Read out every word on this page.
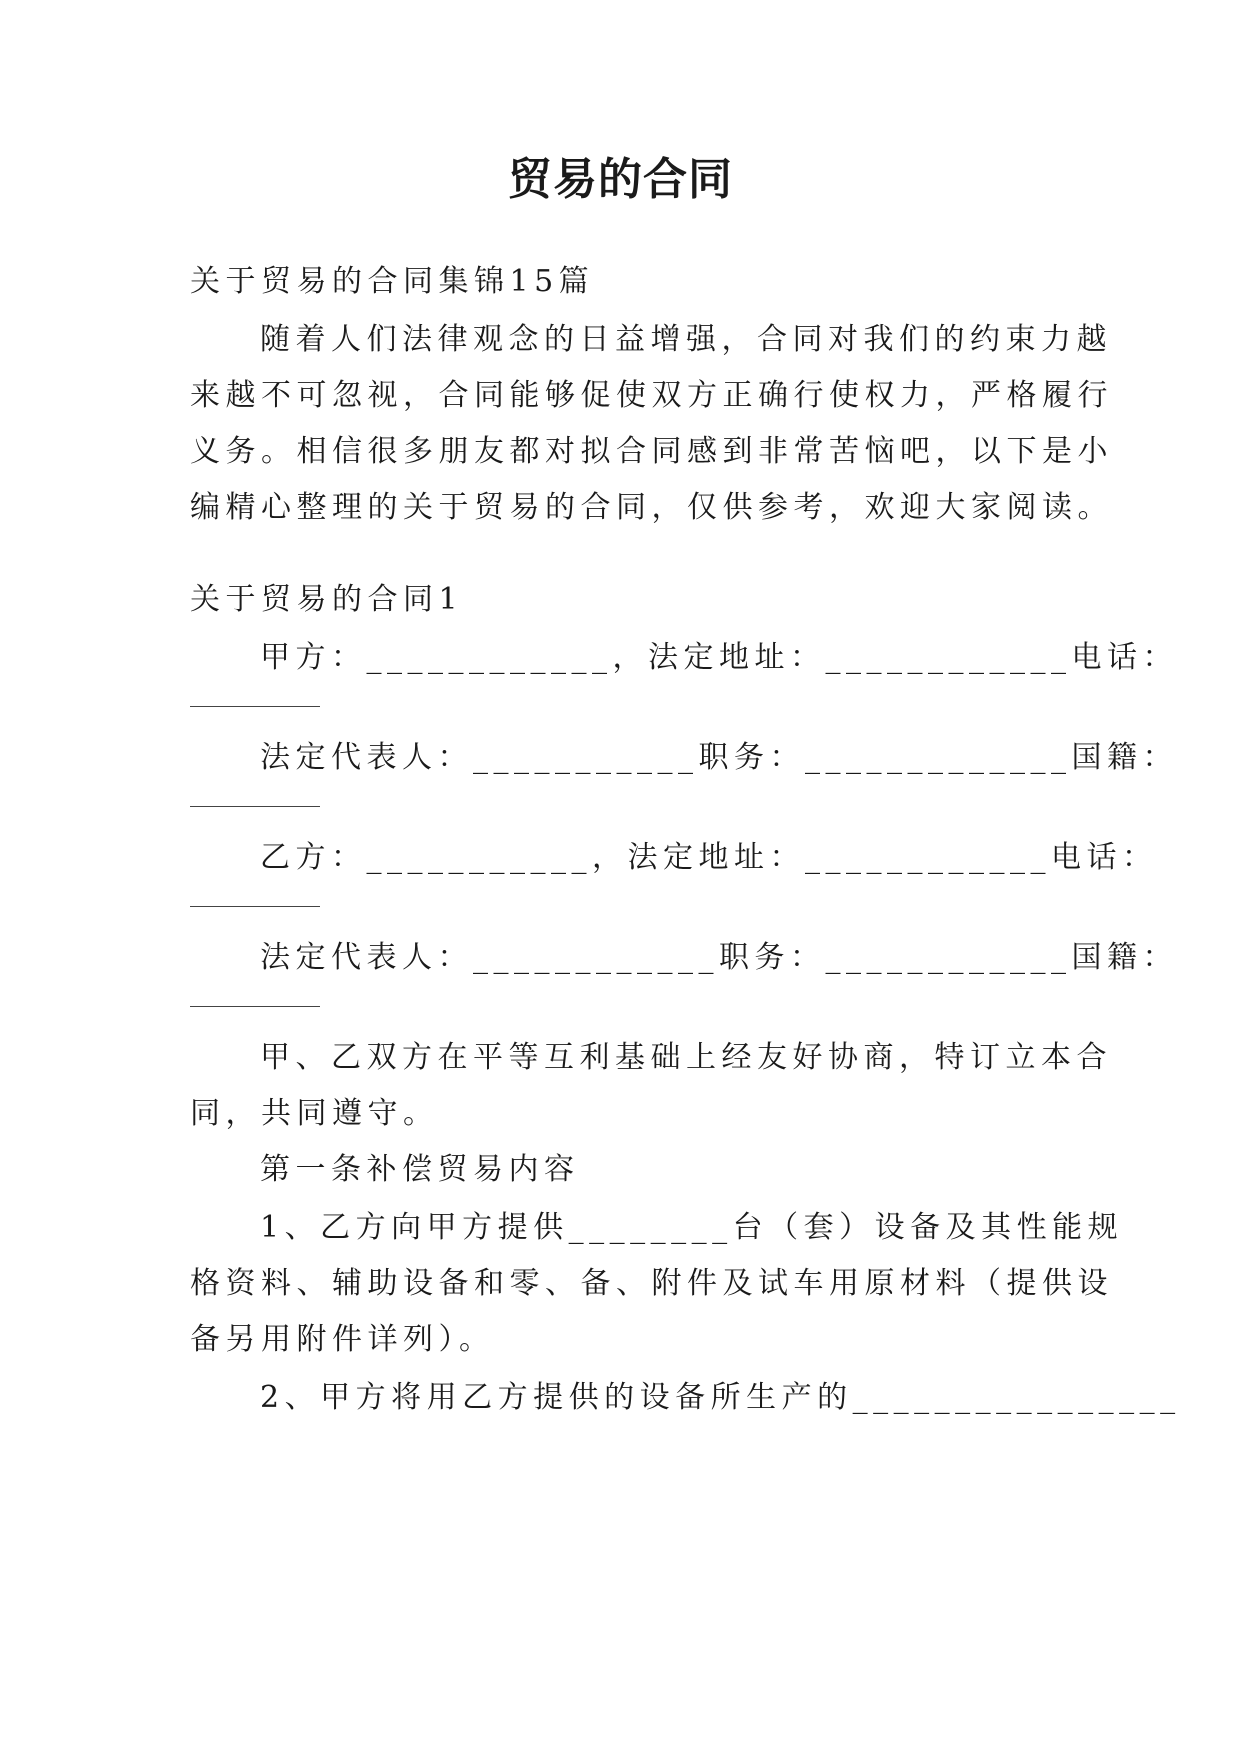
贸易的合同

关于贸易的合同集锦15篇

随着人们法律观念的日益增强，合同对我们的约束力越

来越不可忽视，合同能够促使双方正确行使权力，严格履行

义务。相信很多朋友都对拟合同感到非常苦恼吧，以下是小

编精心整理的关于贸易的合同，仅供参考，欢迎大家阅读。

关于贸易的合同1

甲方：____________，法定地址：____________电话：

法定代表人：___________职务：_____________国籍：

乙方：___________，法定地址：____________电话：

法定代表人：____________职务：____________国籍：

甲、乙双方在平等互利基础上经友好协商，特订立本合

同，共同遵守。

第一条补偿贸易内容

1、乙方向甲方提供________台（套）设备及其性能规

格资料、辅助设备和零、备、附件及试车用原材料（提供设

备另用附件详列）。

2、甲方将用乙方提供的设备所生产的________________
